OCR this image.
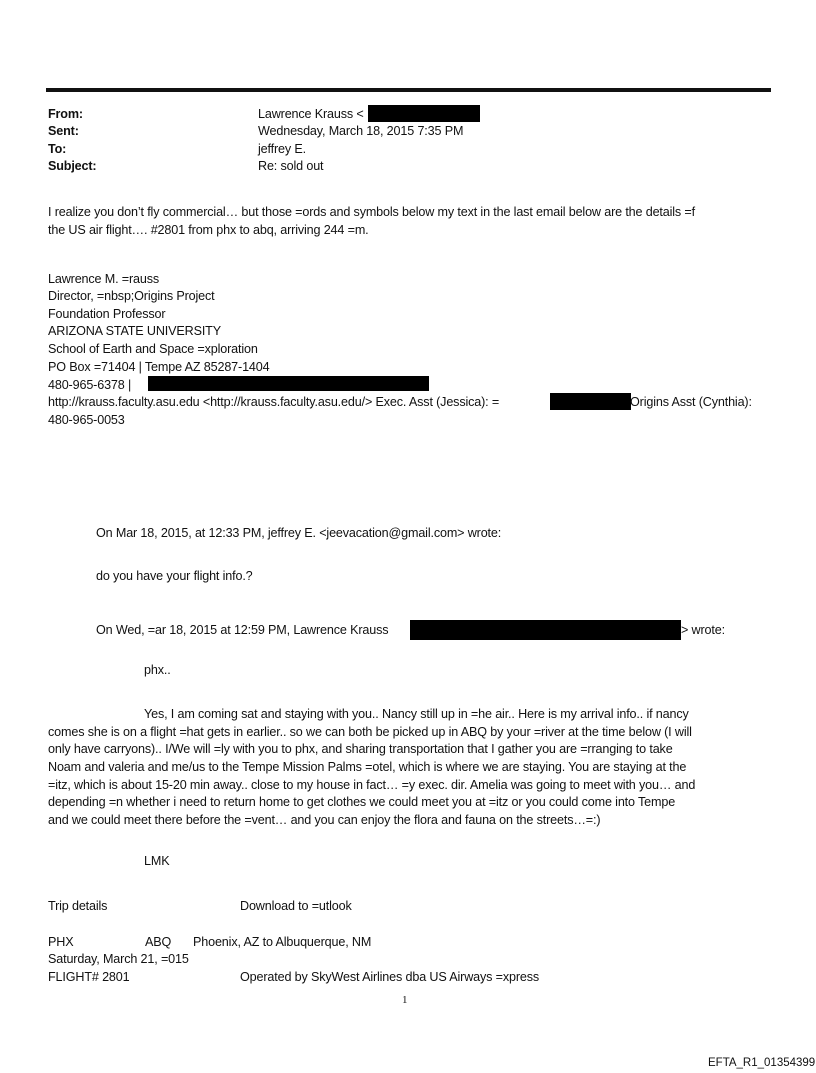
From:	Lawrence Krauss <
Sent:	Wednesday, March 18, 2015 7:35 PM
To:	jeffrey E.
Subject:	Re: sold out
I realize you don’t fly commercial… but those =ords and symbols below my text in the last email below are the details =f
the US air flight…. #2801 from phx to abq, arriving 244 =m.
Lawrence M. =rauss
Director, =nbsp;Origins Project
Foundation Professor
ARIZONA STATE UNIVERSITY
School of Earth and Space =xploration
PO Box =71404 | Tempe AZ 85287-1404
480-965-6378 |
http://krauss.faculty.asu.edu <http://krauss.faculty.asu.edu/> Exec. Asst (Jessica): =	Origins Asst (Cynthia):
480-965-0053
On Mar 18, 2015, at 12:33 PM, jeffrey E. <jeevacation@gmail.com> wrote:
do you have your flight info.?
On Wed, =ar 18, 2015 at 12:59 PM, Lawrence Krauss	> wrote:
phx..
Yes, I am coming sat and staying with you.. Nancy still up in =he air.. Here is my arrival info.. if nancy
comes she is on a flight =hat gets in earlier.. so we can both be picked up in ABQ by your =river at the time below (I will
only have carryons).. I/We will =ly with you to phx, and sharing transportation that I gather you are =rranging to take
Noam and valeria and me/us to the Tempe Mission Palms =otel, which is where we are staying. You are staying at the
=itz, which is about 15-20 min away.. close to my house in fact… =y exec. dir. Amelia was going to meet with you… and
depending =n whether i need to return home to get clothes we could meet you at =itz or you could come into Tempe
and we could meet there before the =vent… and you can enjoy the flora and fauna on the streets…=:)
LMK
Trip details	Download to =utlook
PHX	ABQ Phoenix, AZ to Albuquerque, NM
Saturday, March 21, =015
FLIGHT# 2801	Operated by SkyWest Airlines dba US Airways =xpress
1
EFTA_R1_01354399
